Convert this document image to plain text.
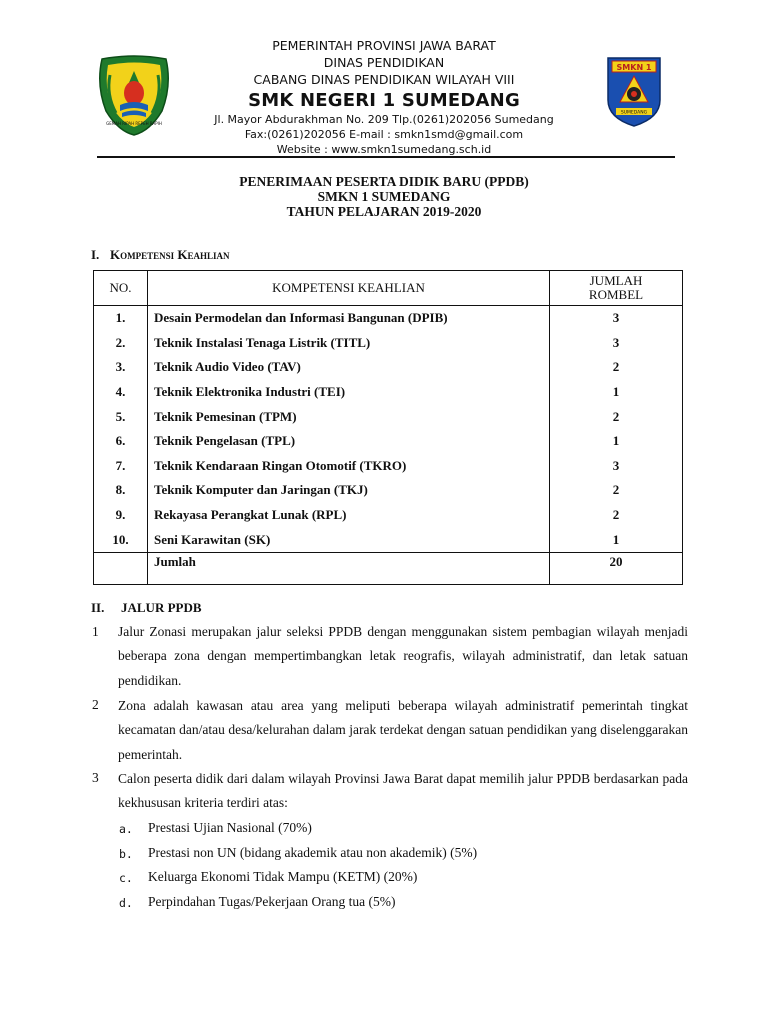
GEMAH RIPAH REPEH RAPIH
SMKN 1
SUMEDANG
PEMERINTAH PROVINSI JAWA BARAT
DINAS PENDIDIKAN
CABANG DINAS PENDIDIKAN WILAYAH VIII
SMK NEGERI 1 SUMEDANG
Jl. Mayor Abdurakhman No. 209 Tlp.(0261)202056 Sumedang
Fax:(0261)202056 E-mail : smkn1smd@gmail.com
Website : www.smkn1sumedang.sch.id
PENERIMAAN PESERTA DIDIK BARU (PPDB)
SMKN 1 SUMEDANG
TAHUN PELAJARAN 2019-2020
I. Kompetensi Keahlian
NO.	KOMPETENSI KEAHLIAN	JUMLAH
ROMBEL
1.	Desain Permodelan dan Informasi Bangunan (DPIB)	3
2.	Teknik Instalasi Tenaga Listrik (TITL)	3
3.	Teknik Audio Video (TAV)	2
4.	Teknik Elektronika Industri (TEI)	1
5.	Teknik Pemesinan (TPM)	2
6.	Teknik Pengelasan (TPL)	1
7.	Teknik Kendaraan Ringan Otomotif (TKRO)	3
8.	Teknik Komputer dan Jaringan (TKJ)	2
9.	Rekayasa Perangkat Lunak (RPL)	2
10.	Seni Karawitan (SK)	1
	Jumlah	20
II. JALUR PPDB
1 Jalur Zonasi merupakan jalur seleksi PPDB dengan menggunakan sistem pembagian wilayah menjadi beberapa zona dengan mempertimbangkan letak reografis, wilayah administratif, dan letak satuan pendidikan.
2 Zona adalah kawasan atau area yang meliputi beberapa wilayah administratif pemerintah tingkat kecamatan dan/atau desa/kelurahan dalam jarak terdekat dengan satuan pendidikan yang diselenggarakan pemerintah.
3 Calon peserta didik dari dalam wilayah Provinsi Jawa Barat dapat memilih jalur PPDB berdasarkan pada kekhususan kriteria terdiri atas:
a. Prestasi Ujian Nasional (70%)
b. Prestasi non UN (bidang akademik atau non akademik) (5%)
c. Keluarga Ekonomi Tidak Mampu (KETM) (20%)
d. Perpindahan Tugas/Pekerjaan Orang tua (5%)
